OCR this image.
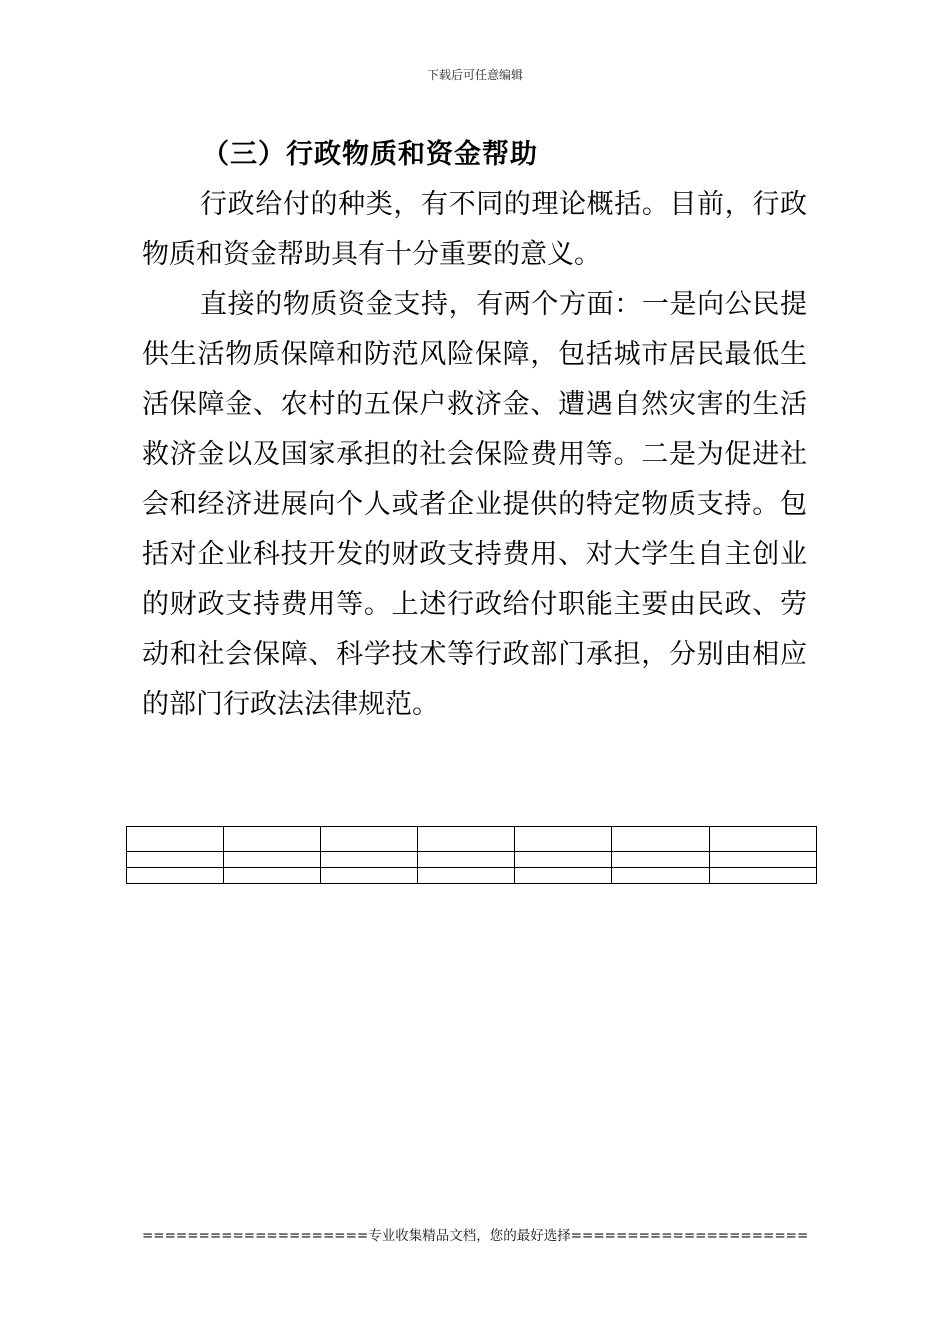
下载后可任意编辑
（三）行政物质和资金帮助

行政给付的种类，有不同的理论概括。目前，行政物质和资金帮助具有十分重要的意义。

直接的物质资金支持，有两个方面：一是向公民提供生活物质保障和防范风险保障，包括城市居民最低生活保障金、农村的五保户救济金、遭遇自然灾害的生活救济金以及国家承担的社会保险费用等。二是为促进社会和经济进展向个人或者企业提供的特定物质支持。包括对企业科技开发的财政支持费用、对大学生自主创业的财政支持费用等。上述行政给付职能主要由民政、劳动和社会保障、科学技术等行政部门承担，分别由相应的部门行政法法律规范。

====================专业收集精品文档，您的最好选择=====================
